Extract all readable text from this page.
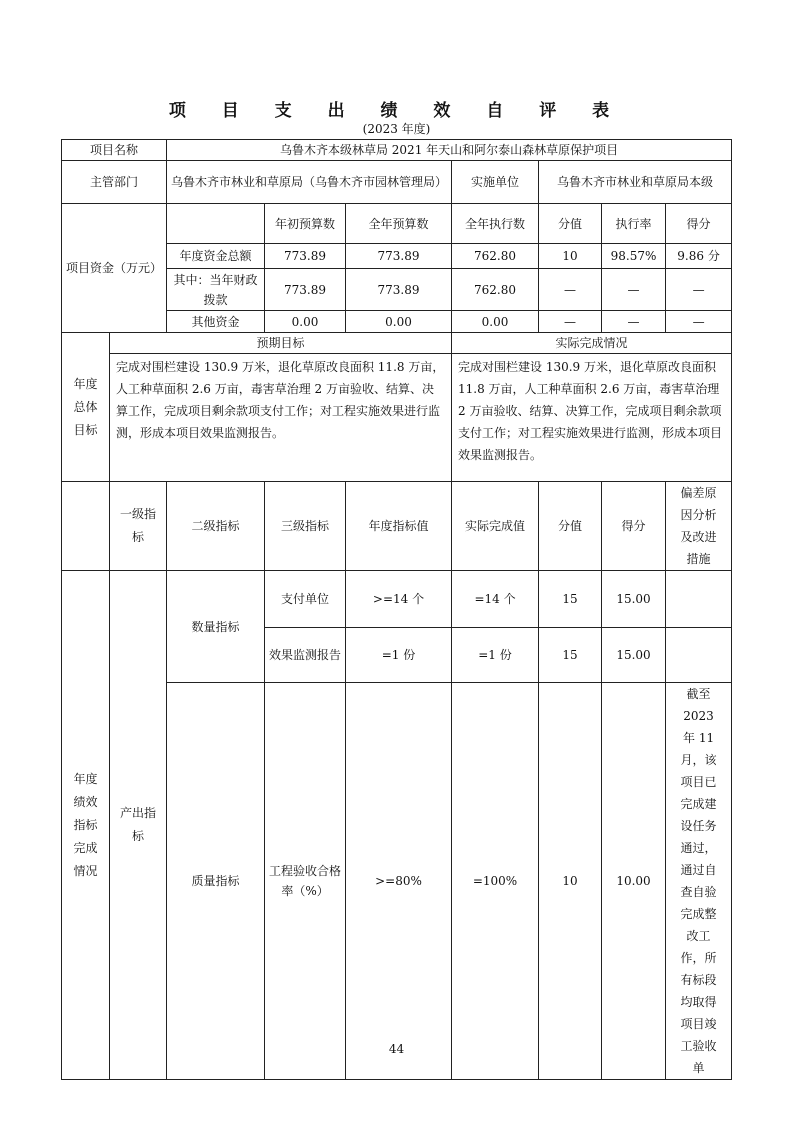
项 目 支 出 绩 效 自 评 表
(2023 年度)
项目名称		乌鲁木齐本级林草局 2021 年天山和阿尔泰山森林草原保护项目						
主管部门		乌鲁木齐市林业和草原局（乌鲁木齐市园林管理局）			实施单位	乌鲁木齐市林业和草原局本级		
项目资金（万元）			年初预算数	全年预算数	全年执行数	分值	执行率	得分
		年度资金总额	773.89	773.89	762.80	10	98.57%	9.86 分
		其中：当年财政拨款	773.89	773.89	762.80	—	—	—
		其他资金	0.00	0.00	0.00	—	—	—
年度总体目标	预期目标				实际完成情况			
	完成对围栏建设 130.9 万米，退化草原改良面积 11.8 万亩，人工种草面积 2.6 万亩，毒害草治理 2 万亩验收、结算、决算工作，完成项目剩余款项支付工作；对工程实施效果进行监测，形成本项目效果监测报告。				完成对围栏建设 130.9 万米，退化草原改良面积 11.8 万亩，人工种草面积 2.6 万亩，毒害草治理 2 万亩验收、结算、决算工作，完成项目剩余款项支付工作；对工程实施效果进行监测，形成本项目效果监测报告。			
	一级指标	二级指标	三级指标	年度指标值	实际完成值	分值	得分	偏差原因分析及改进措施
年度绩效指标完成情况	产出指标	数量指标	支付单位	>=14 个	=14 个	15	15.00	
			效果监测报告	=1 份	=1 份	15	15.00	
		质量指标	工程验收合格率（%）	>=80%	=100%	10	10.00	截至 2023 年 11 月，该项目已完成建设任务通过，通过自查自验完成整改工作，所有标段均取得项目竣工验收单
44
